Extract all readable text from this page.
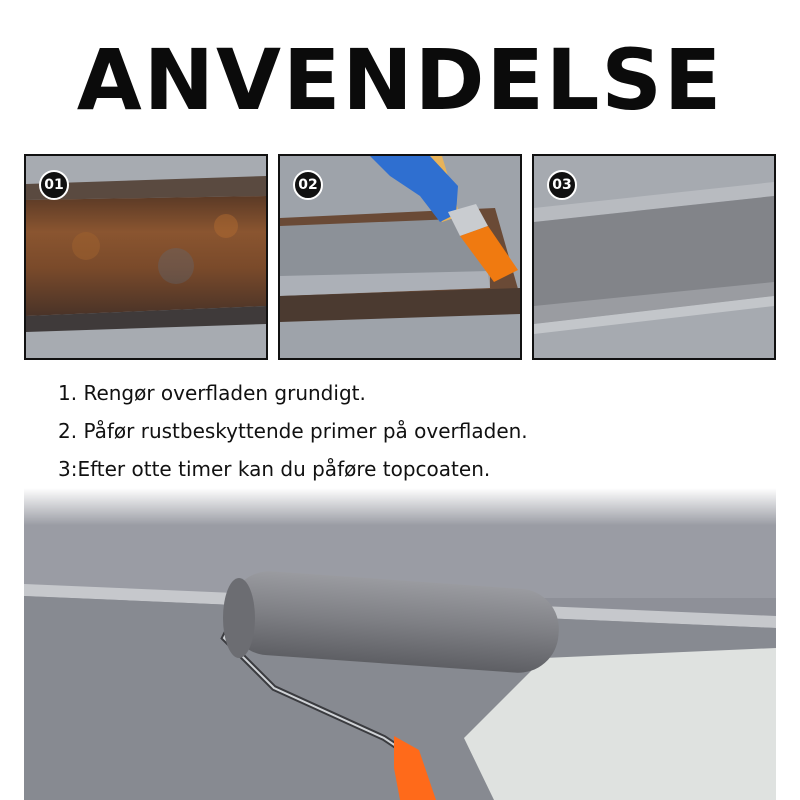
ANVENDELSE
01	02	03
1. Rengør overfladen grundigt.
2. Påfør rustbeskyttende primer på overfladen.
3:Efter otte timer kan du påføre topcoaten.
